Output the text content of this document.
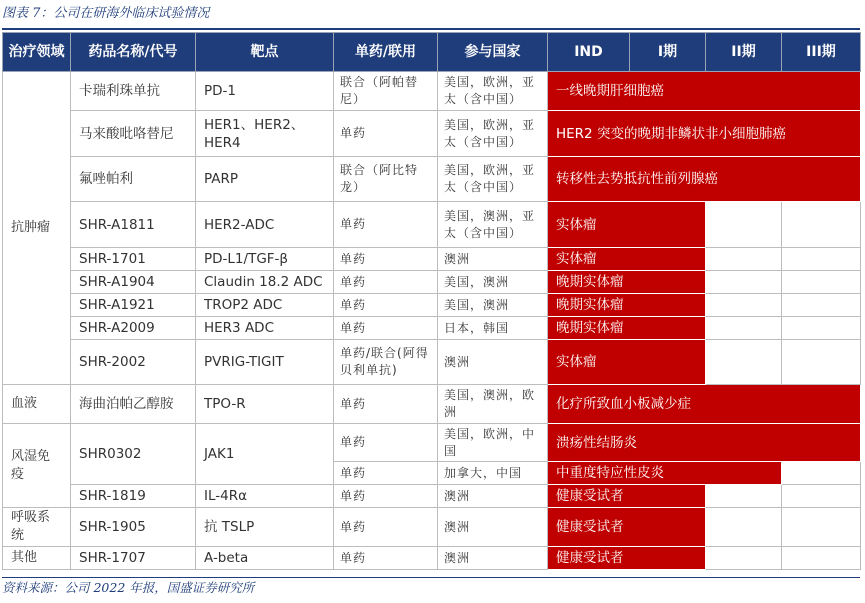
图表 7：公司在研海外临床试验情况
治疗领域	药品名称/代号	靶点	单药/联用	参与国家	IND	I期	II期	III期
抗肿瘤	卡瑞利珠单抗	PD-1	联合（阿帕替尼）	美国，欧洲，亚太（含中国）	一线晚期肝细胞癌			
	马来酸吡咯替尼	HER1、HER2、HER4	单药	美国，欧洲，亚太（含中国）	HER2 突变的晚期非鳞状非小细胞肺癌			
	氟唑帕利	PARP	联合（阿比特龙）	美国，欧洲，亚太（含中国）	转移性去势抵抗性前列腺癌			
	SHR-A1811	HER2-ADC	单药	美国，澳洲，亚太（含中国）	实体瘤			
	SHR-1701	PD-L1/TGF-β	单药	澳洲	实体瘤			
	SHR-A1904	Claudin 18.2 ADC	单药	美国，澳洲	晚期实体瘤			
	SHR-A1921	TROP2 ADC	单药	美国，澳洲	晚期实体瘤			
	SHR-A2009	HER3 ADC	单药	日本，韩国	晚期实体瘤			
	SHR-2002	PVRIG-TIGIT	单药/联合(阿得贝利单抗)	澳洲	实体瘤			
血液	海曲泊帕乙醇胺	TPO-R	单药	美国，澳洲，欧洲	化疗所致血小板减少症			
风湿免疫	SHR0302	JAK1	单药	美国，欧洲，中国	溃疡性结肠炎			
			单药	加拿大，中国	中重度特应性皮炎			
	SHR-1819	IL-4Rα	单药	澳洲	健康受试者			
呼吸系统	SHR-1905	抗 TSLP	单药	澳洲	健康受试者			
其他	SHR-1707	A-beta	单药	澳洲	健康受试者			
资料来源：公司 2022 年报，国盛证券研究所
